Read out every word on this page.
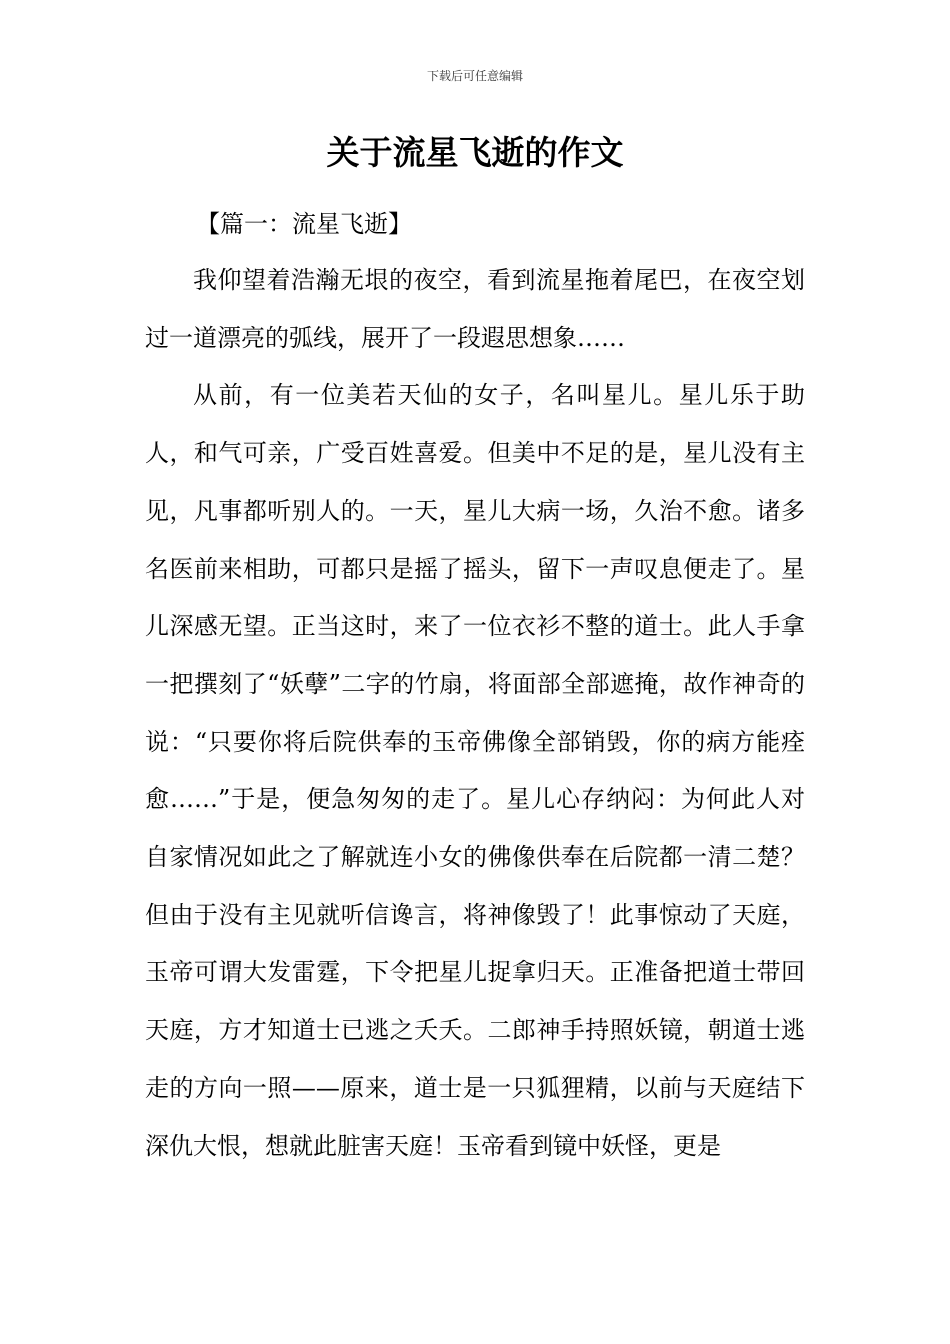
下载后可任意编辑
关于流星飞逝的作文

【篇一：流星飞逝】

我仰望着浩瀚无垠的夜空，看到流星拖着尾巴，在夜空划过一道漂亮的弧线，展开了一段遐思想象……

从前，有一位美若天仙的女子，名叫星儿。星儿乐于助人，和气可亲，广受百姓喜爱。但美中不足的是，星儿没有主见，凡事都听别人的。一天，星儿大病一场，久治不愈。诸多名医前来相助，可都只是摇了摇头，留下一声叹息便走了。星儿深感无望。正当这时，来了一位衣衫不整的道士。此人手拿一把撰刻了“妖孽”二字的竹扇，将面部全部遮掩，故作神奇的说：“只要你将后院供奉的玉帝佛像全部销毁，你的病方能痊愈……”于是，便急匆匆的走了。星儿心存纳闷：为何此人对自家情况如此之了解就连小女的佛像供奉在后院都一清二楚？但由于没有主见就听信谗言，将神像毁了！此事惊动了天庭，玉帝可谓大发雷霆，下令把星儿捉拿归天。正准备把道士带回天庭，方才知道士已逃之夭夭。二郎神手持照妖镜，朝道士逃走的方向一照——原来，道士是一只狐狸精，以前与天庭结下深仇大恨，想就此脏害天庭！玉帝看到镜中妖怪，更是
